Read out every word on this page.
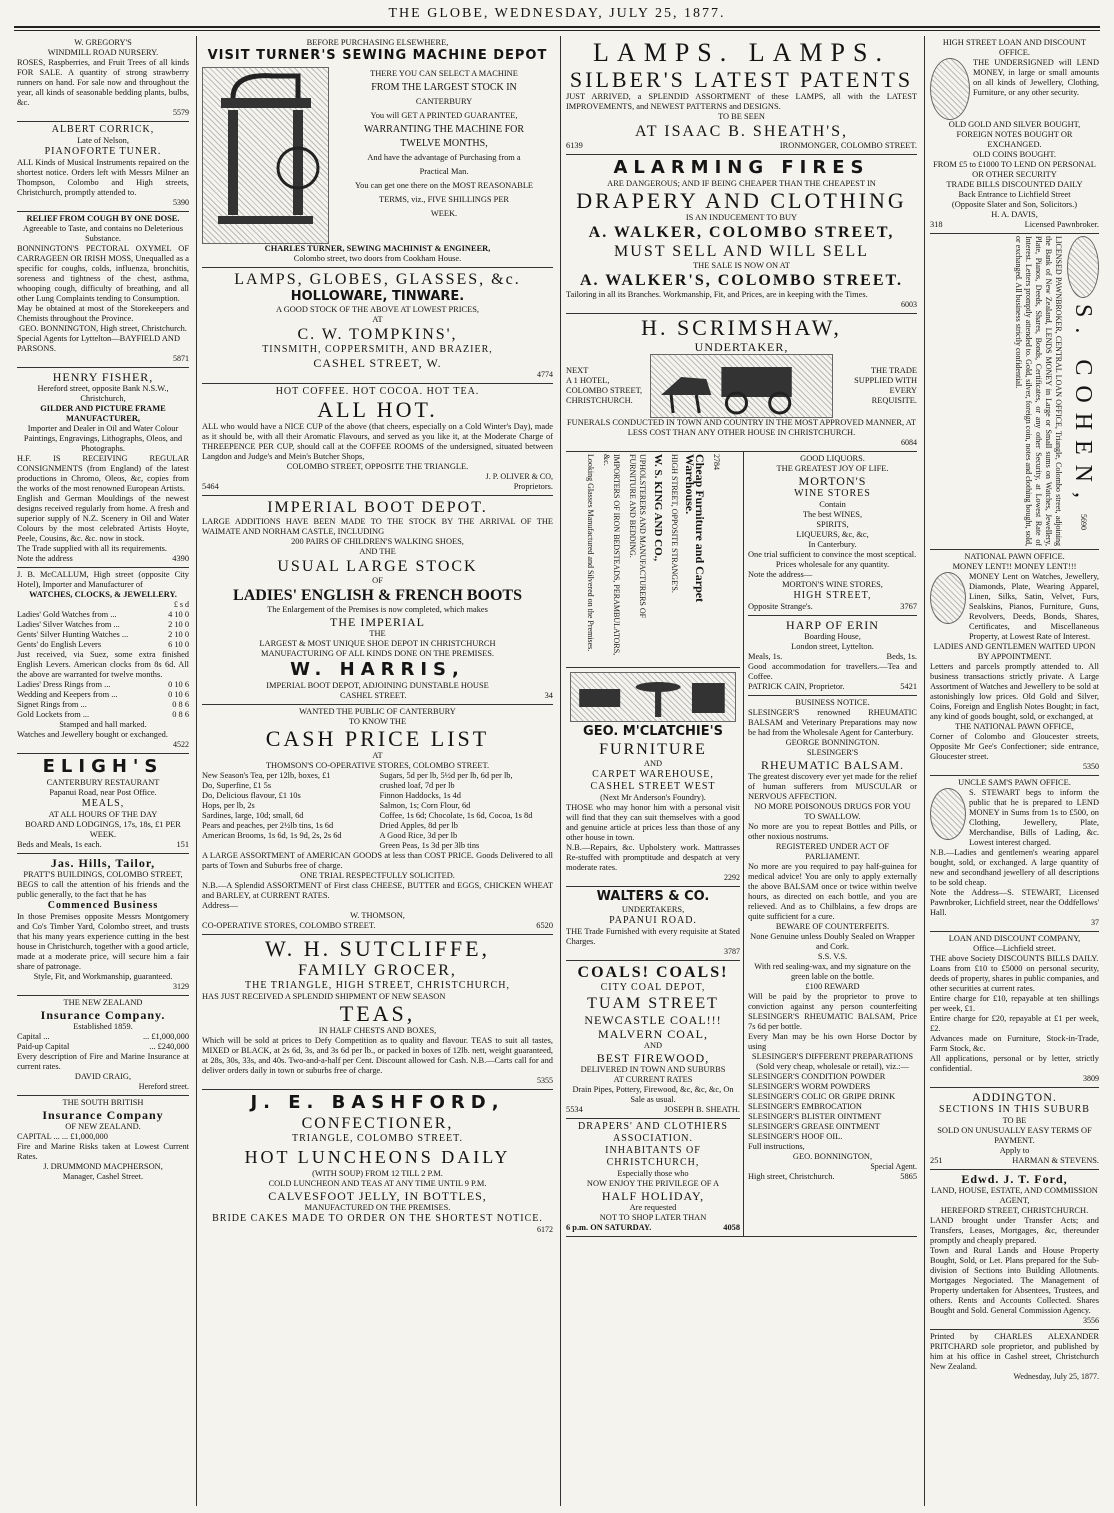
THE GLOBE, WEDNESDAY, JULY 25, 1877.
W. GREGORY'S
WINDMILL ROAD NURSERY.
ROSES, Raspberries, and Fruit Trees of all kinds FOR SALE. A quantity of strong strawberry runners on hand. For sale now and throughout the year, all kinds of seasonable bedding plants, bulbs, &c.
5579
ALBERT CORRICK,
Late of Nelson,
PIANOFORTE TUNER.
ALL Kinds of Musical Instruments repaired on the shortest notice. Orders left with Messrs Milner an Thompson, Colombo and High streets, Christchurch, promptly attended to.
5390
RELIEF FROM COUGH BY ONE DOSE.
Agreeable to Taste, and contains no Deleterious Substance.
BONNINGTON'S PECTORAL OXYMEL OF CARRAGEEN OR IRISH MOSS, Unequalled as a specific for coughs, colds, influenza, bronchitis, soreness and tightness of the chest, asthma, whooping cough, difficulty of breathing, and all other Lung Complaints tending to Consumption.
May be obtained at most of the Storekeepers and Chemists throughout the Province.
GEO. BONNINGTON, High street, Christchurch.
Special Agents for Lyttelton—BAYFIELD AND PARSONS.
5871
HENRY FISHER,
Hereford street, opposite Bank N.S.W., Christchurch,
GILDER AND PICTURE FRAME MANUFACTURER,
Importer and Dealer in Oil and Water Colour Paintings, Engravings, Lithographs, Oleos, and Photographs.
H.F. IS RECEIVING REGULAR CONSIGNMENTS (from England) of the latest productions in Chromo, Oleos, &c, copies from the works of the most renowned European Artists.
English and German Mouldings of the newest designs received regularly from home. A fresh and superior supply of N.Z. Scenery in Oil and Water Colours by the most celebrated Artists Hoyte, Peele, Cousins, &c. &c. now in stock.
The Trade supplied with all its requirements.
Note the address	4390
J. B. McCALLUM, High street (opposite City Hotel), Importer and Manufacturer of
WATCHES, CLOCKS, & JEWELLERY.
£ s d
Ladies' Gold Watches from ...	4 10 0
Ladies' Silver Watches from ...	2 10 0
Gents' Silver Hunting Watches ...	2 10 0
Gents' do English Levers	6 10 0
Just received, via Suez, some extra finished English Levers. American clocks from 8s 6d. All the above are warranted for twelve months.
Ladies' Dress Rings from ...	0 10 6
Wedding and Keepers from ...	0 10 6
Signet Rings from ...	0 8 6
Gold Lockets from ...	0 8 6
Stamped and hall marked.
Watches and Jewellery bought or exchanged.
4522
ELIGH'S
CANTERBURY RESTAURANT
Papanui Road, near Post Office.
MEALS,
AT ALL HOURS OF THE DAY
BOARD AND LODGINGS, 17s, 18s, £1 PER WEEK.
Beds and Meals, 1s each.	151
Jas. Hills, Tailor,
PRATT'S BUILDINGS, COLOMBO STREET,
BEGS to call the attention of his friends and the public generally, to the fact that he has
Commenced Business
In those Premises opposite Messrs Montgomery and Co's Timber Yard, Colombo street, and trusts that his many years experience cutting in the best house in Christchurch, together with a good article, made at a moderate price, will secure him a fair share of patronage.
Style, Fit, and Workmanship, guaranteed.
3129
THE NEW ZEALAND
Insurance Company.
Established 1859.
Capital ...	... £1,000,000
Paid-up Capital	... £240,000
Every description of Fire and Marine Insurance at current rates.
DAVID CRAIG,
Hereford street.
THE SOUTH BRITISH
Insurance Company
OF NEW ZEALAND.
CAPITAL ... ... £1,000,000
Fire and Marine Risks taken at Lowest Current Rates.
J. DRUMMOND MACPHERSON,
Manager, Cashel Street.
BEFORE PURCHASING ELSEWHERE,
VISIT TURNER'S SEWING MACHINE DEPOT
THERE YOU CAN SELECT A MACHINE
FROM THE LARGEST STOCK IN
CANTERBURY
You will GET A PRINTED GUARANTEE,
WARRANTING THE MACHINE FOR
TWELVE MONTHS,
And have the advantage of Purchasing from a
Practical Man.
You can get one there on the MOST REASONABLE
TERMS, viz., FIVE SHILLINGS PER
WEEK.
CHARLES TURNER, SEWING MACHINIST & ENGINEER,
Colombo street, two doors from Cookham House.
LAMPS, GLOBES, GLASSES, &c.
HOLLOWARE, TINWARE.
A GOOD STOCK OF THE ABOVE AT LOWEST PRICES,
AT
C. W. TOMPKINS',
TINSMITH, COPPERSMITH, AND BRAZIER,
CASHEL STREET, W.
4774
HOT COFFEE. HOT COCOA. HOT TEA.
ALL HOT.
ALL who would have a NICE CUP of the above (that cheers, especially on a Cold Winter's Day), made as it should be, with all their Aromatic Flavours, and served as you like it, at the Moderate Charge of THREEPENCE PER CUP, should call at the COFFEE ROOMS of the undersigned, situated between Langdon and Judge's and Mein's Butcher Shops,
COLOMBO STREET, OPPOSITE THE TRIANGLE.
J. P. OLIVER & CO,
5464	Proprietors.
IMPERIAL BOOT DEPOT.
LARGE ADDITIONS HAVE BEEN MADE TO THE STOCK BY THE ARRIVAL OF THE WAIMATE AND NORHAM CASTLE, INCLUDING
200 PAIRS OF CHILDREN'S WALKING SHOES,
AND THE
USUAL LARGE STOCK
OF
LADIES' ENGLISH & FRENCH BOOTS
The Enlargement of the Premises is now completed, which makes
THE IMPERIAL
THE
LARGEST & MOST UNIQUE SHOE DEPOT IN CHRISTCHURCH
MANUFACTURING OF ALL KINDS DONE ON THE PREMISES.
W. HARRIS,
IMPERIAL BOOT DEPOT, ADJOINING DUNSTABLE HOUSE
CASHEL STREET.	34
WANTED THE PUBLIC OF CANTERBURY
TO KNOW THE
CASH PRICE LIST
AT
THOMSON'S CO-OPERATIVE STORES, COLOMBO STREET.
New Season's Tea, per 12lb, boxes, £1
Do, Superfine, £1 5s
Do, Delicious flavour, £1 10s
Hops, per lb, 2s
Sardines, large, 10d; small, 6d
Pears and peaches, per 2½lb tins, 1s 6d
American Brooms, 1s 6d, 1s 9d, 2s, 2s 6d
Sugars, 5d per lb, 5½d per lb, 6d per lb,
crushed loaf, 7d per lb
Finnon Haddocks, 1s 4d
Salmon, 1s; Corn Flour, 6d
Coffee, 1s 6d; Chocolate, 1s 6d, Cocoa, 1s 8d
Dried Apples, 8d per lb
A Good Rice, 3d per lb
Green Peas, 1s 3d per 3lb tins
A LARGE ASSORTMENT of AMERICAN GOODS at less than COST PRICE. Goods Delivered to all parts of Town and Suburbs free of charge.
ONE TRIAL RESPECTFULLY SOLICITED.
N.B.—A Splendid ASSORTMENT of First class CHEESE, BUTTER and EGGS, CHICKEN WHEAT and BARLEY, at CURRENT RATES.
Address—
W. THOMSON,
CO-OPERATIVE STORES, COLOMBO STREET.	6520
W. H. SUTCLIFFE,
FAMILY GROCER,
THE TRIANGLE, HIGH STREET, CHRISTCHURCH,
HAS JUST RECEIVED A SPLENDID SHIPMENT OF NEW SEASON
TEAS,
IN HALF CHESTS AND BOXES,
Which will be sold at prices to Defy Competition as to quality and flavour. TEAS to suit all tastes, MIXED or BLACK, at 2s 6d, 3s, and 3s 6d per lb., or packed in boxes of 12lb. nett, weight guaranteed, at 28s, 30s, 33s, and 40s. Two-and-a-half per Cent. Discount allowed for Cash. N.B.—Carts call for and deliver orders daily in town or suburbs free of charge.
5355
J. E. BASHFORD,
CONFECTIONER,
TRIANGLE, COLOMBO STREET.
HOT LUNCHEONS DAILY
(WITH SOUP) FROM 12 TILL 2 P.M.
COLD LUNCHEON AND TEAS AT ANY TIME UNTIL 9 P.M.
CALVESFOOT JELLY, IN BOTTLES,
MANUFACTURED ON THE PREMISES.
BRIDE CAKES MADE TO ORDER ON THE SHORTEST NOTICE.
6172
LAMPS. LAMPS.
SILBER'S LATEST PATENTS
JUST ARRIVED, a SPLENDID ASSORTMENT of these LAMPS, all with the LATEST IMPROVEMENTS, and NEWEST PATTERNS and DESIGNS.
TO BE SEEN
AT ISAAC B. SHEATH'S,
6139	IRONMONGER, COLOMBO STREET.
ALARMING FIRES
ARE DANGEROUS; AND IF BEING CHEAPER THAN THE CHEAPEST IN
DRAPERY AND CLOTHING
IS AN INDUCEMENT TO BUY
A. WALKER, COLOMBO STREET,
MUST SELL AND WILL SELL
THE SALE IS NOW ON AT
A. WALKER'S, COLOMBO STREET.
Tailoring in all its Branches. Workmanship, Fit, and Prices, are in keeping with the Times.
6003
H. SCRIMSHAW,
UNDERTAKER,
NEXT
A 1 HOTEL,
COLOMBO STREET,
CHRISTCHURCH.
THE TRADE
SUPPLIED WITH
EVERY
REQUISITE.
FUNERALS CONDUCTED IN TOWN AND COUNTRY IN THE MOST APPROVED MANNER, AT LESS COST THAN ANY OTHER HOUSE IN CHRISTCHURCH.
6084
Looking Glasses Manufactured and Silvered on the Premises.	IMPORTERS OF IRON BEDSTEADS, PERAMBULATORS, &c.	UPHOLSTERERS AND MANUFACTURERS OF FURNITURE AND BEDDING.	W. S. KING AND CO., HIGH STREET, OPPOSITE STRANGE'S.	Cheap Furniture and Carpet Warehouse.	2784
GEO. M'CLATCHIE'S
FURNITURE
AND
CARPET WAREHOUSE,
CASHEL STREET WEST
(Next Mr Anderson's Foundry).
THOSE who may honor him with a personal visit will find that they can suit themselves with a good and genuine article at prices less than those of any other house in town.
N.B.—Repairs, &c. Upholstery work. Mattrasses Re-stuffed with promptitude and despatch at very moderate rates.
2292
WALTERS & CO.
UNDERTAKERS,
PAPANUI ROAD.
THE Trade Furnished with every requisite at Stated Charges.
3787
COALS! COALS!
CITY COAL DEPOT,
TUAM STREET
NEWCASTLE COAL!!!
MALVERN COAL,
AND
BEST FIREWOOD,
DELIVERED IN TOWN AND SUBURBS
AT CURRENT RATES
Drain Pipes, Pottery, Firewood, &c, &c, &c, On Sale as usual.
5534	JOSEPH B. SHEATH.
DRAPERS' AND CLOTHIERS ASSOCIATION.
INHABITANTS OF CHRISTCHURCH,
Especially those who
NOW ENJOY THE PRIVILEGE OF A
HALF HOLIDAY,
Are requested
NOT TO SHOP LATER THAN
6 p.m. ON SATURDAY.	4058
GOOD LIQUORS.
THE GREATEST JOY OF LIFE.
MORTON'S
WINE STORES
Contain
The best WINES,
SPIRITS,
LIQUEURS, &c, &c,
In Canterbury.
One trial sufficient to convince the most sceptical.
Prices wholesale for any quantity.
Note the address—
MORTON'S WINE STORES,
HIGH STREET,
Opposite Strange's.	3767
HARP OF ERIN
Boarding House,
London street, Lyttelton.
Meals, 1s.	Beds, 1s.
Good accommodation for travellers.—Tea and Coffee.
PATRICK CAIN, Proprietor.	5421
BUSINESS NOTICE.
SLESINGER'S renowned RHEUMATIC BALSAM and Veterinary Preparations may now be had from the Wholesale Agent for Canterbury.
GEORGE BONNINGTON.
SLESINGER'S
RHEUMATIC BALSAM.
The greatest discovery ever yet made for the relief of human sufferers from MUSCULAR or NERVOUS AFFECTION.
NO MORE POISONOUS DRUGS FOR YOU TO SWALLOW.
No more are you to repeat Bottles and Pills, or other noxious nostrums.
REGISTERED UNDER ACT OF PARLIAMENT.
No more are you required to pay half-guinea for medical advice! You are only to apply externally the above BALSAM once or twice within twelve hours, as directed on each bottle, and you are relieved. And as to Chilblains, a few drops are quite sufficient for a cure.
BEWARE OF COUNTERFEITS.
None Genuine unless Doubly Sealed on Wrapper and Cork.
S.S. V.S.
With red sealing-wax, and my signature on the green lable on the bottle.
£100 REWARD
Will be paid by the proprietor to prove to conviction against any person counterfeiting SLESINGER'S RHEUMATIC BALSAM, Price 7s 6d per bottle.
Every Man may be his own Horse Doctor by using
SLESINGER'S DIFFERENT PREPARATIONS (Sold very cheap, wholesale or retail), viz.:—
SLESINGER'S CONDITION POWDER
SLESINGER'S WORM POWDERS
SLESINGER'S COLIC OR GRIPE DRINK
SLESINGER'S EMBROCATION
SLESINGER'S BLISTER OINTMENT
SLESINGER'S GREASE OINTMENT
SLESINGER'S HOOF OIL.
Full instructions,
GEO. BONNINGTON,
Special Agent.
High street, Christchurch.	5865
HIGH STREET LOAN AND DISCOUNT OFFICE.
THE UNDERSIGNED will LEND MONEY, in large or small amounts on all kinds of Jewellery, Clothing, Furniture, or any other security.
OLD GOLD AND SILVER BOUGHT, FOREIGN NOTES BOUGHT OR EXCHANGED.
OLD COINS BOUGHT.
FROM £5 to £1000 TO LEND ON PERSONAL OR OTHER SECURITY
TRADE BILLS DISCOUNTED DAILY
Back Entrance to Lichfield Street
(Opposite Slater and Son, Solicitors.)
H. A. DAVIS,
318	Licensed Pawnbroker.
LICENSED PAWNBROKER, CENTRAL LOAN OFFICE, Triangle, Colombo street, adjoining the Bank of New Zealand, LENDS MONEY in Large or Small sums on Watches, Jewellery, Plate, Pianos, Deeds, Shares, Bonds, Certificates, or any other Security, at Lowest Rate of Interest. Letters promptly attended to. Gold, silver, foreign coin, notes and clothing bought, sold, or exchanged. All business strictly confidential.	S. COHEN,
5690
NATIONAL PAWN OFFICE.
MONEY LENT!! MONEY LENT!!!
MONEY Lent on Watches, Jewellery, Diamonds, Plate, Wearing Apparel, Linen, Silks, Satin, Velvet, Furs, Sealskins, Pianos, Furniture, Guns, Revolvers, Deeds, Bonds, Shares, Certificates, and Miscellaneous Property, at Lowest Rate of Interest.
LADIES AND GENTLEMEN WAITED UPON BY APPOINTMENT.
Letters and parcels promptly attended to. All business transactions strictly private. A Large Assortment of Watches and Jewellery to be sold at astonishingly low prices. Old Gold and Silver, Coins, Foreign and English Notes Bought; in fact, any kind of goods bought, sold, or exchanged, at
THE NATIONAL PAWN OFFICE,
Corner of Colombo and Gloucester streets, Opposite Mr Gee's Confectioner; side entrance, Gloucester street.
5350
UNCLE SAM'S PAWN OFFICE.
S. STEWART begs to inform the public that he is prepared to LEND MONEY in Sums from 1s to £500, on Clothing, Jewellery, Plate, Merchandise, Bills of Lading, &c. Lowest interest charged.
N.B.—Ladies and gentlemen's wearing apparel bought, sold, or exchanged. A large quantity of new and secondhand jewellery of all descriptions to be sold cheap.
Note the Address—S. STEWART, Licensed Pawnbroker, Lichfield street, near the Oddfellows' Hall.
37
LOAN AND DISCOUNT COMPANY,
Office—Lichfield street.
THE above Society DISCOUNTS BILLS DAILY.
Loans from £10 to £5000 on personal security, deeds of property, shares in public companies, and other securities at current rates.
Entire charge for £10, repayable at ten shillings per week, £1.
Entire charge for £20, repayable at £1 per week, £2.
Advances made on Furniture, Stock-in-Trade, Farm Stock, &c.
All applications, personal or by letter, strictly confidential.
3809
ADDINGTON.
SECTIONS IN THIS SUBURB
TO BE
SOLD ON UNUSUALLY EASY TERMS OF PAYMENT.
Apply to
251	HARMAN & STEVENS.
Edwd. J. T. Ford,
LAND, HOUSE, ESTATE, AND COMMISSION AGENT,
HEREFORD STREET, CHRISTCHURCH.
LAND brought under Transfer Acts; and Transfers, Leases, Mortgages, &c, thereunder promptly and cheaply prepared.
Town and Rural Lands and House Property Bought, Sold, or Let. Plans prepared for the Sub-division of Sections into Building Allotments. Mortgages Negociated. The Management of Property undertaken for Absentees, Trustees, and others. Rents and Accounts Collected. Shares Bought and Sold. General Commission Agency.
3556
Printed by CHARLES ALEXANDER PRITCHARD sole proprietor, and published by him at his office in Cashel street, Christchurch New Zealand.
Wednesday, July 25, 1877.
